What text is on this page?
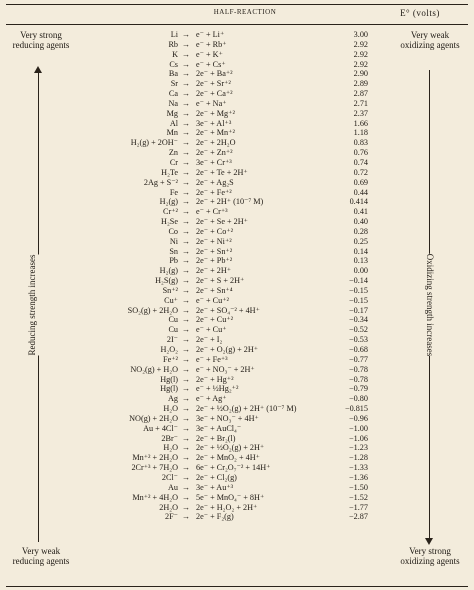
HALF-REACTION	E° (volts)
Very strong reducing agents
Very weak oxidizing agents
Very weak reducing agents
Very strong oxidizing agents
Reducing strength increases	Oxidizing strength increases
Li → e⁻ + Li⁺	3.00
Rb → e⁻ + Rb⁺	2.92
K → e⁻ + K⁺	2.92
Cs → e⁻ + Cs⁺	2.92
Ba → 2e⁻ + Ba⁺²	2.90
Sr → 2e⁻ + Sr⁺²	2.89
Ca → 2e⁻ + Ca⁺²	2.87
Na → e⁻ + Na⁺	2.71
Mg → 2e⁻ + Mg⁺²	2.37
Al → 3e⁻ + Al⁺³	1.66
Mn → 2e⁻ + Mn⁺²	1.18
H₂(g) + 2OH⁻ → 2e⁻ + 2H₂O	0.83
Zn → 2e⁻ + Zn⁺²	0.76
Cr → 3e⁻ + Cr⁺³	0.74
H₂Te → 2e⁻ + Te + 2H⁺	0.72
2Ag + S⁻² → 2e⁻ + Ag₂S	0.69
Fe → 2e⁻ + Fe⁺²	0.44
H₂(g) → 2e⁻ + 2H⁺ (10⁻⁷ M)	0.414
Cr⁺² → e⁻ + Cr⁺³	0.41
H₂Se → 2e⁻ + Se + 2H⁺	0.40
Co → 2e⁻ + Co⁺²	0.28
Ni → 2e⁻ + Ni⁺²	0.25
Sn → 2e⁻ + Sn⁺²	0.14
Pb → 2e⁻ + Pb⁺²	0.13
H₂(g) → 2e⁻ + 2H⁺	0.00
H₂S(g) → 2e⁻ + S + 2H⁺	−0.14
Sn⁺² → 2e⁻ + Sn⁺⁴	−0.15
Cu⁺ → e⁻ + Cu⁺²	−0.15
SO₂(g) + 2H₂O → 2e⁻ + SO₄⁻² + 4H⁺	−0.17
Cu → 2e⁻ + Cu⁺²	−0.34
Cu → e⁻ + Cu⁺	−0.52
2I⁻ → 2e⁻ + I₂	−0.53
H₂O₂ → 2e⁻ + O₂(g) + 2H⁺	−0.68
Fe⁺² → e⁻ + Fe⁺³	−0.77
NO₂(g) + H₂O → e⁻ + NO₃⁻ + 2H⁺	−0.78
Hg(l) → 2e⁻ + Hg⁺²	−0.78
Hg(l) → e⁻ + ½Hg₂⁺²	−0.79
Ag → e⁻ + Ag⁺	−0.80
H₂O → 2e⁻ + ½O₂(g) + 2H⁺ (10⁻⁷ M)	−0.815
NO(g) + 2H₂O → 3e⁻ + NO₃⁻ + 4H⁺	−0.96
Au + 4Cl⁻ → 3e⁻ + AuCl₄⁻	−1.00
2Br⁻ → 2e⁻ + Br₂(l)	−1.06
H₂O → 2e⁻ + ½O₂(g) + 2H⁺	−1.23
Mn⁺² + 2H₂O → 2e⁻ + MnO₂ + 4H⁺	−1.28
2Cr⁺³ + 7H₂O → 6e⁻ + Cr₂O₇⁻² + 14H⁺	−1.33
2Cl⁻ → 2e⁻ + Cl₂(g)	−1.36
Au → 3e⁻ + Au⁺³	−1.50
Mn⁺² + 4H₂O → 5e⁻ + MnO₄⁻ + 8H⁺	−1.52
2H₂O → 2e⁻ + H₂O₂ + 2H⁺	−1.77
2F⁻ → 2e⁻ + F₂(g)	−2.87
